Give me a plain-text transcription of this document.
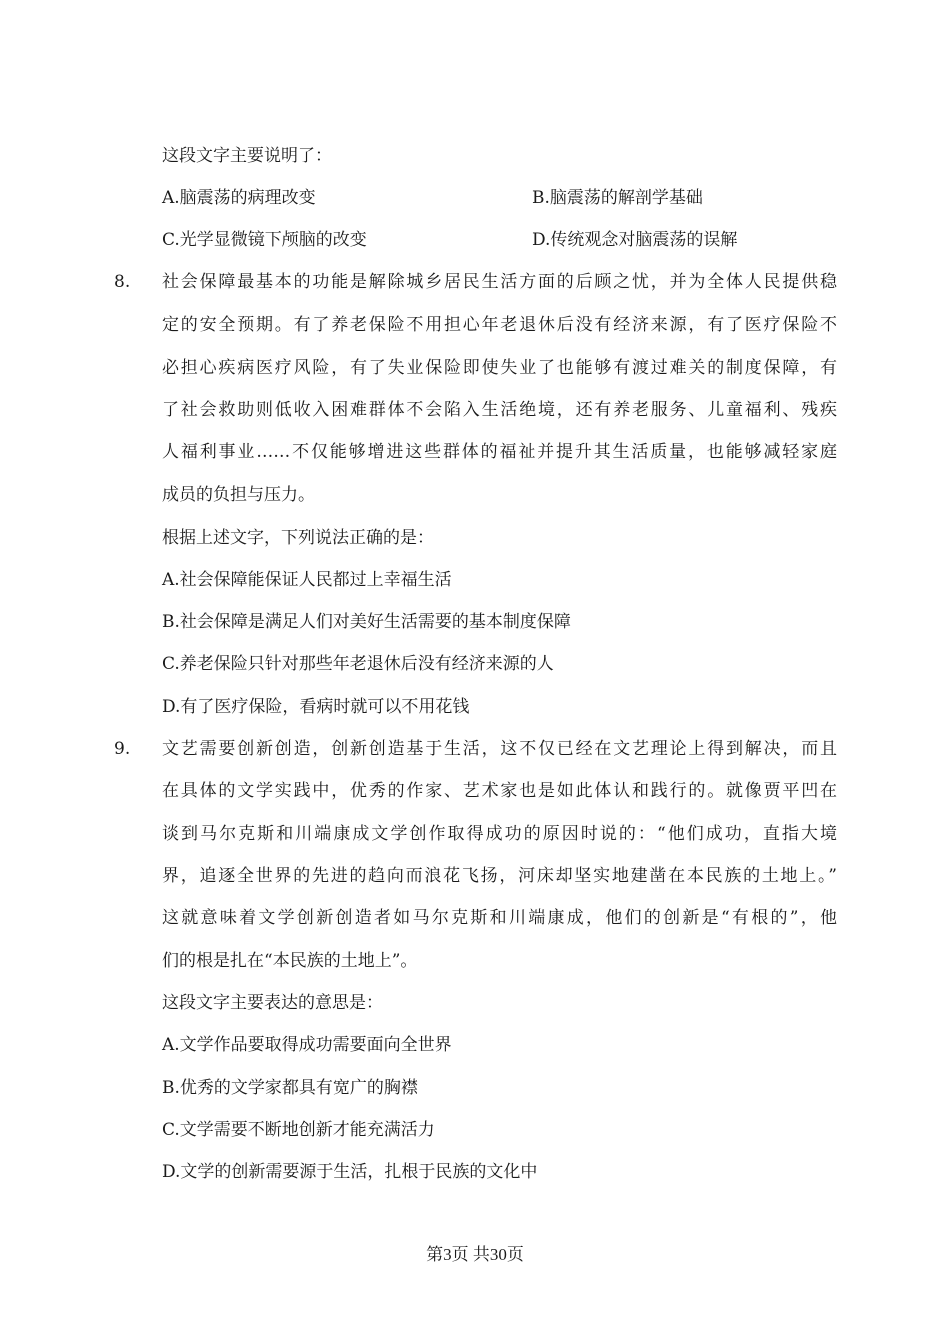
这段文字主要说明了：
A.脑震荡的病理改变	B.脑震荡的解剖学基础
C.光学显微镜下颅脑的改变	D.传统观念对脑震荡的误解
8. 社会保障最基本的功能是解除城乡居民生活方面的后顾之忧，并为全体人民提供稳
定的安全预期。有了养老保险不用担心年老退休后没有经济来源，有了医疗保险不
必担心疾病医疗风险，有了失业保险即使失业了也能够有渡过难关的制度保障，有
了社会救助则低收入困难群体不会陷入生活绝境，还有养老服务、儿童福利、残疾
人福利事业……不仅能够增进这些群体的福祉并提升其生活质量，也能够减轻家庭
成员的负担与压力。
根据上述文字，下列说法正确的是：
A.社会保障能保证人民都过上幸福生活
B.社会保障是满足人们对美好生活需要的基本制度保障
C.养老保险只针对那些年老退休后没有经济来源的人
D.有了医疗保险，看病时就可以不用花钱
9. 文艺需要创新创造，创新创造基于生活，这不仅已经在文艺理论上得到解决，而且
在具体的文学实践中，优秀的作家、艺术家也是如此体认和践行的。就像贾平凹在
谈到马尔克斯和川端康成文学创作取得成功的原因时说的：“他们成功，直指大境
界，追逐全世界的先进的趋向而浪花飞扬，河床却坚实地建凿在本民族的土地上。”
这就意味着文学创新创造者如马尔克斯和川端康成，他们的创新是“有根的”，他
们的根是扎在“本民族的土地上”。
这段文字主要表达的意思是：
A.文学作品要取得成功需要面向全世界
B.优秀的文学家都具有宽广的胸襟
C.文学需要不断地创新才能充满活力
D.文学的创新需要源于生活，扎根于民族的文化中
第3页 共30页
